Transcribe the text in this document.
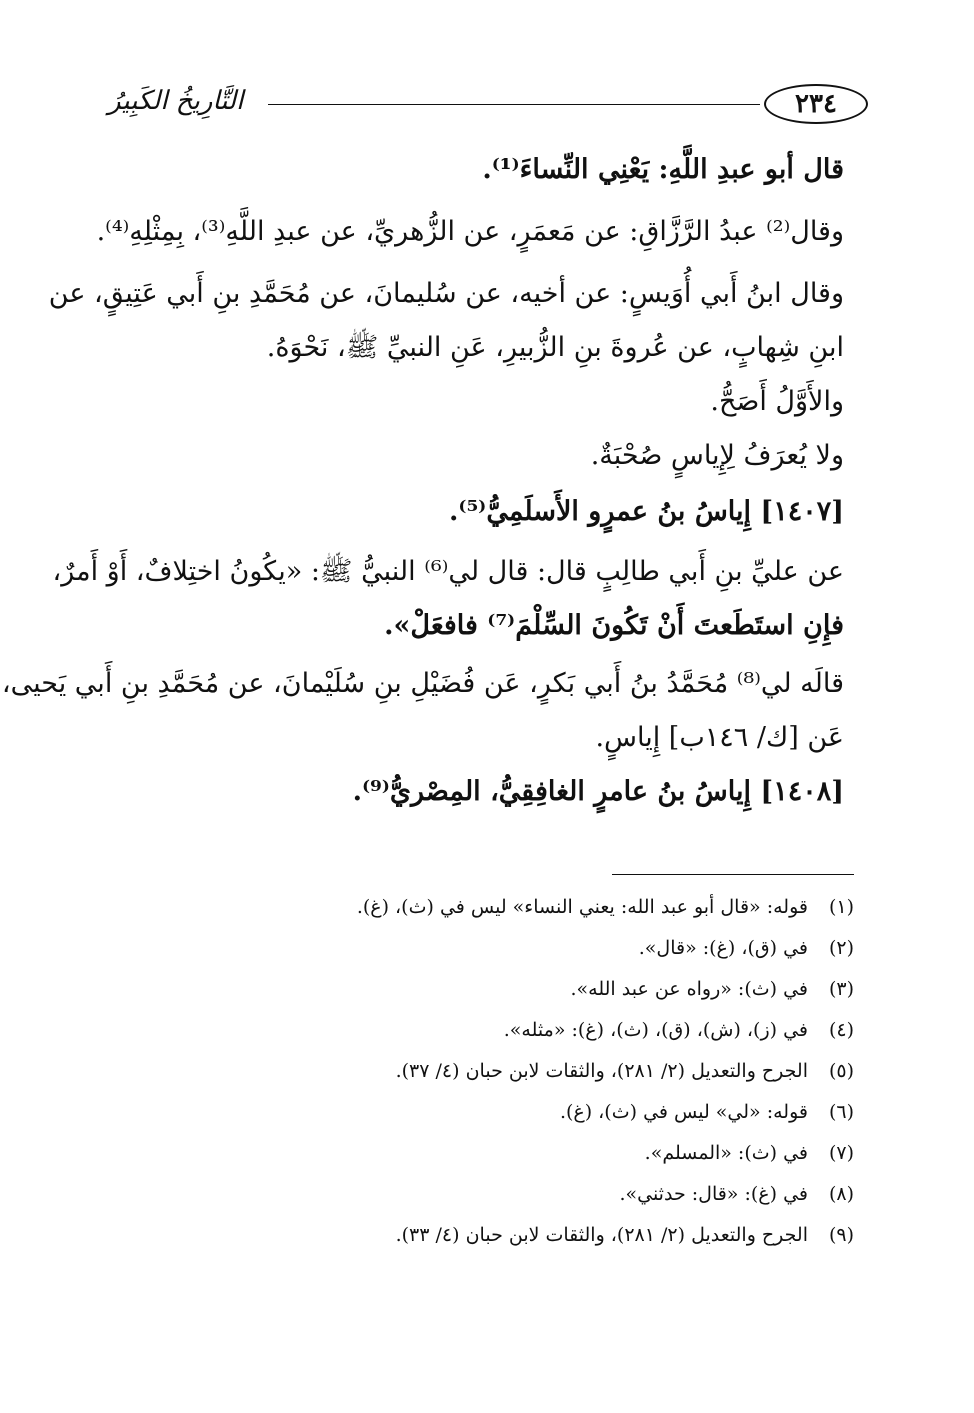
٢٣٤
التَّارِيخُ الكَبِيرُ
قال أبو عبدِ اللَّهِ: يَعْنِي النِّساءَ⁽¹⁾.
وقال⁽²⁾ عبدُ الرَّزَّاقِ: عن مَعمَرٍ، عن الزُّهريِّ، عن عبدِ اللَّهِ⁽³⁾، بِمِثْلِهِ⁽⁴⁾.
وقال ابنُ أَبي أُوَيسٍ: عن أخيه، عن سُليمانَ، عن مُحَمَّدِ بنِ أَبي عَتِيقٍ، عن
ابنِ شِهابٍ، عن عُروةَ بنِ الزُّبيرِ، عَنِ النبيِّ ﷺ، نَحْوَهُ.
والأَوَّلُ أَصَحُّ.
ولا يُعرَفُ لِإِياسٍ صُحْبَةٌ.
[١٤٠٧] إِياسُ بنُ عمرٍو الأَسلَمِيُّ⁽⁵⁾.
عن عليِّ بنِ أَبي طالِبٍ قال: قال لي⁽⁶⁾ النبيُّ ﷺ: «يكُونُ اختِلافٌ، أَوْ أَمرٌ،
فإِنِ استَطَعتَ أَنْ تَكُونَ السِّلْمَ⁽⁷⁾ فافعَلْ».
قالَه لي⁽⁸⁾ مُحَمَّدُ بنُ أَبي بَكرٍ، عَن فُضَيْلِ بنِ سُلَيْمانَ، عن مُحَمَّدِ بنِ أَبي يَحيى،
عَن [ك/ ١٤٦ب] إِياسٍ.
[١٤٠٨] إِياسُ بنُ عامرٍ الغافِقِيُّ، المِصْريُّ⁽⁹⁾.
(١)قوله: «قال أبو عبد الله: يعني النساء» ليس في (ث)، (غ).
(٢)في (ق)، (غ): «قال».
(٣)في (ث): «رواه عن عبد الله».
(٤)في (ز)، (ش)، (ق)، (ث)، (غ): «مثله».
(٥)الجرح والتعديل (٢/ ٢٨١)، والثقات لابن حبان (٤/ ٣٧).
(٦)قوله: «لي» ليس في (ث)، (غ).
(٧)في (ث): «المسلم».
(٨)في (غ): «قال: حدثني».
(٩)الجرح والتعديل (٢/ ٢٨١)، والثقات لابن حبان (٤/ ٣٣).
